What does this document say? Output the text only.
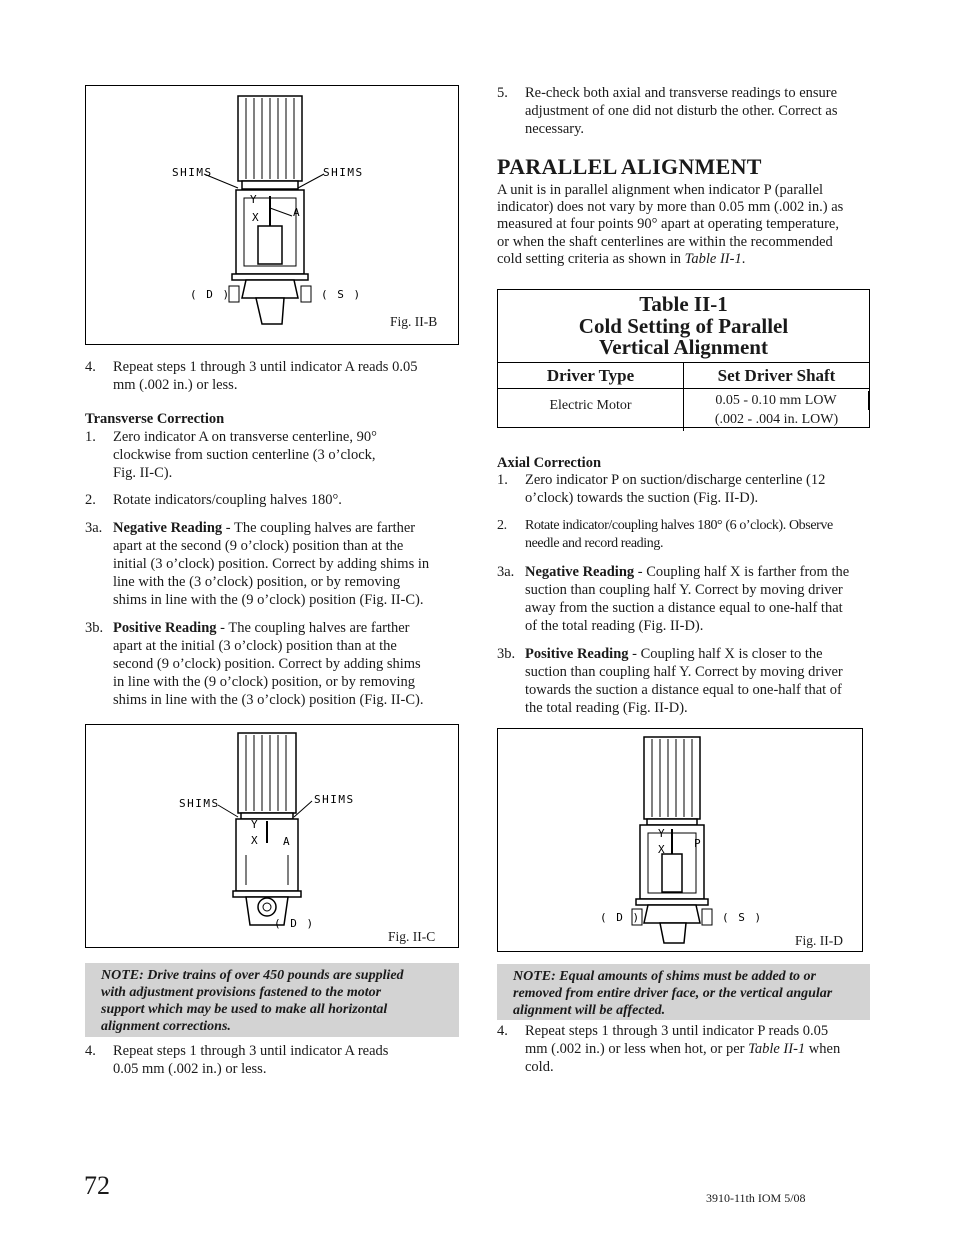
SHIMS	SHIMS
Y
X	A
( D )	( S )
Fig. II-B
4. Repeat steps 1 through 3 until indicator A reads 0.05
mm (.002 in.) or less.
Transverse Correction
1. Zero indicator A on transverse centerline, 90°
clockwise from suction centerline (3 o’clock,
Fig. II-C).
2. Rotate indicators/coupling halves 180°.
3a. Negative Reading - The coupling halves are farther
apart at the second (9 o’clock) position than at the
initial (3 o’clock) position. Correct by adding shims in
line with the (3 o’clock) position, or by removing
shims in line with the (9 o’clock) position (Fig. II-C).
3b. Positive Reading - The coupling halves are farther
apart at the initial (3 o’clock) position than at the
second (9 o’clock) position. Correct by adding shims
in line with the (9 o’clock) position, or by removing
shims in line with the (3 o’clock) position (Fig. II-C).
SHIMS	SHIMS
Y
X A
( D )
Fig. II-C
NOTE: Drive trains of over 450 pounds are supplied
with adjustment provisions fastened to the motor
support which may be used to make all horizontal
alignment corrections.
4. Repeat steps 1 through 3 until indicator A reads
0.05 mm (.002 in.) or less.
5. Re-check both axial and transverse readings to ensure
adjustment of one did not disturb the other. Correct as
necessary.
PARALLEL ALIGNMENT
A unit is in parallel alignment when indicator P (parallel
indicator) does not vary by more than 0.05 mm (.002 in.) as
measured at four points 90° apart at operating temperature,
or when the shaft centerlines are within the recommended
cold setting criteria as shown in Table II-1.
Table II-1
Cold Setting of Parallel
Vertical Alignment
Driver Type	Set Driver Shaft
Electric Motor	0.05 - 0.10 mm LOW
(.002 - .004 in. LOW)
Axial Correction
1. Zero indicator P on suction/discharge centerline (12
o’clock) towards the suction (Fig. II-D).
2. Rotate indicator/coupling halves 180° (6 o’clock). Observe
needle and record reading.
3a. Negative Reading - Coupling half X is farther from the
suction than coupling half Y. Correct by moving driver
away from the suction a distance equal to one-half that
of the total reading (Fig. II-D).
3b. Positive Reading - Coupling half X is closer to the
suction than coupling half Y. Correct by moving driver
towards the suction a distance equal to one-half that of
the total reading (Fig. II-D).
Y
X	P
( D )	( S )
Fig. II-D
NOTE: Equal amounts of shims must be added to or
removed from entire driver face, or the vertical angular
alignment will be affected.
4. Repeat steps 1 through 3 until indicator P reads 0.05
mm (.002 in.) or less when hot, or per Table II-1 when
cold.
72	3910-11th IOM 5/08
